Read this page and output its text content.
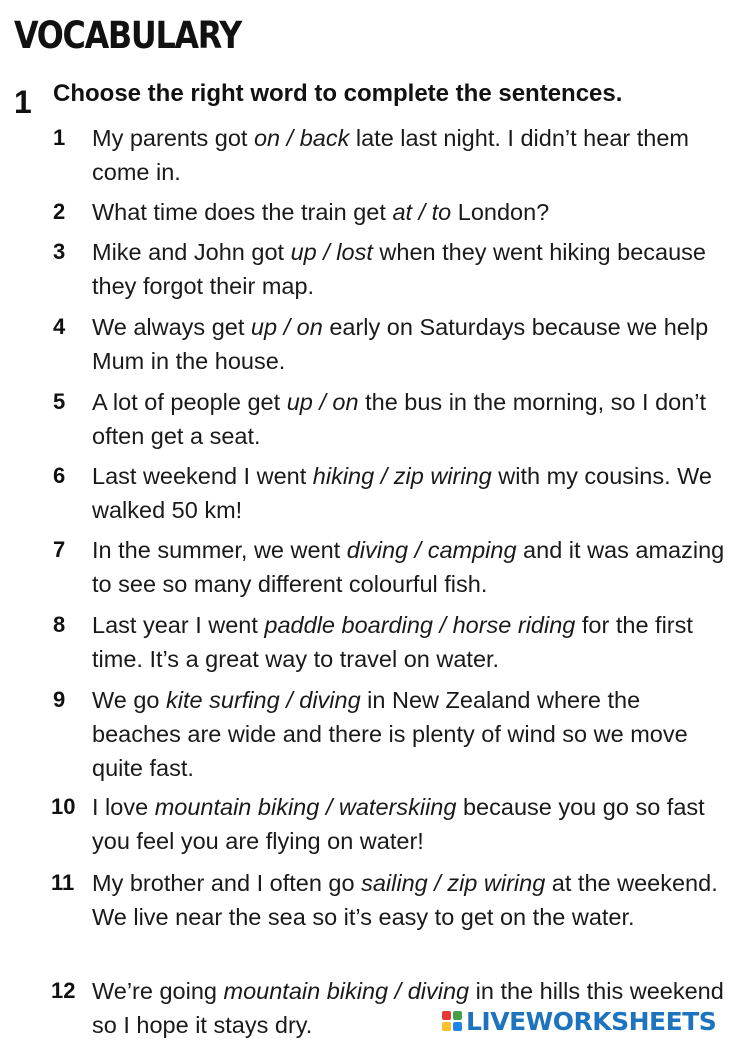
VOCABULARY
1 Choose the right word to complete the sentences.
1 My parents got on / back late last night. I didn’t hear them come in.
2 What time does the train get at / to London?
3 Mike and John got up / lost when they went hiking because they forgot their map.
4 We always get up / on early on Saturdays because we help Mum in the house.
5 A lot of people get up / on the bus in the morning, so I don’t often get a seat.
6 Last weekend I went hiking / zip wiring with my cousins. We walked 50 km!
7 In the summer, we went diving / camping and it was amazing to see so many different colourful fish.
8 Last year I went paddle boarding / horse riding for the first time. It’s a great way to travel on water.
9 We go kite surfing / diving in New Zealand where the beaches are wide and there is plenty of wind so we move quite fast.
10 I love mountain biking / waterskiing because you go so fast you feel you are flying on water!
11 My brother and I often go sailing / zip wiring at the weekend. We live near the sea so it’s easy to get on the water.
12 We’re going mountain biking / diving in the hills this weekend so I hope it stays dry.	LIVEWORKSHEETS
